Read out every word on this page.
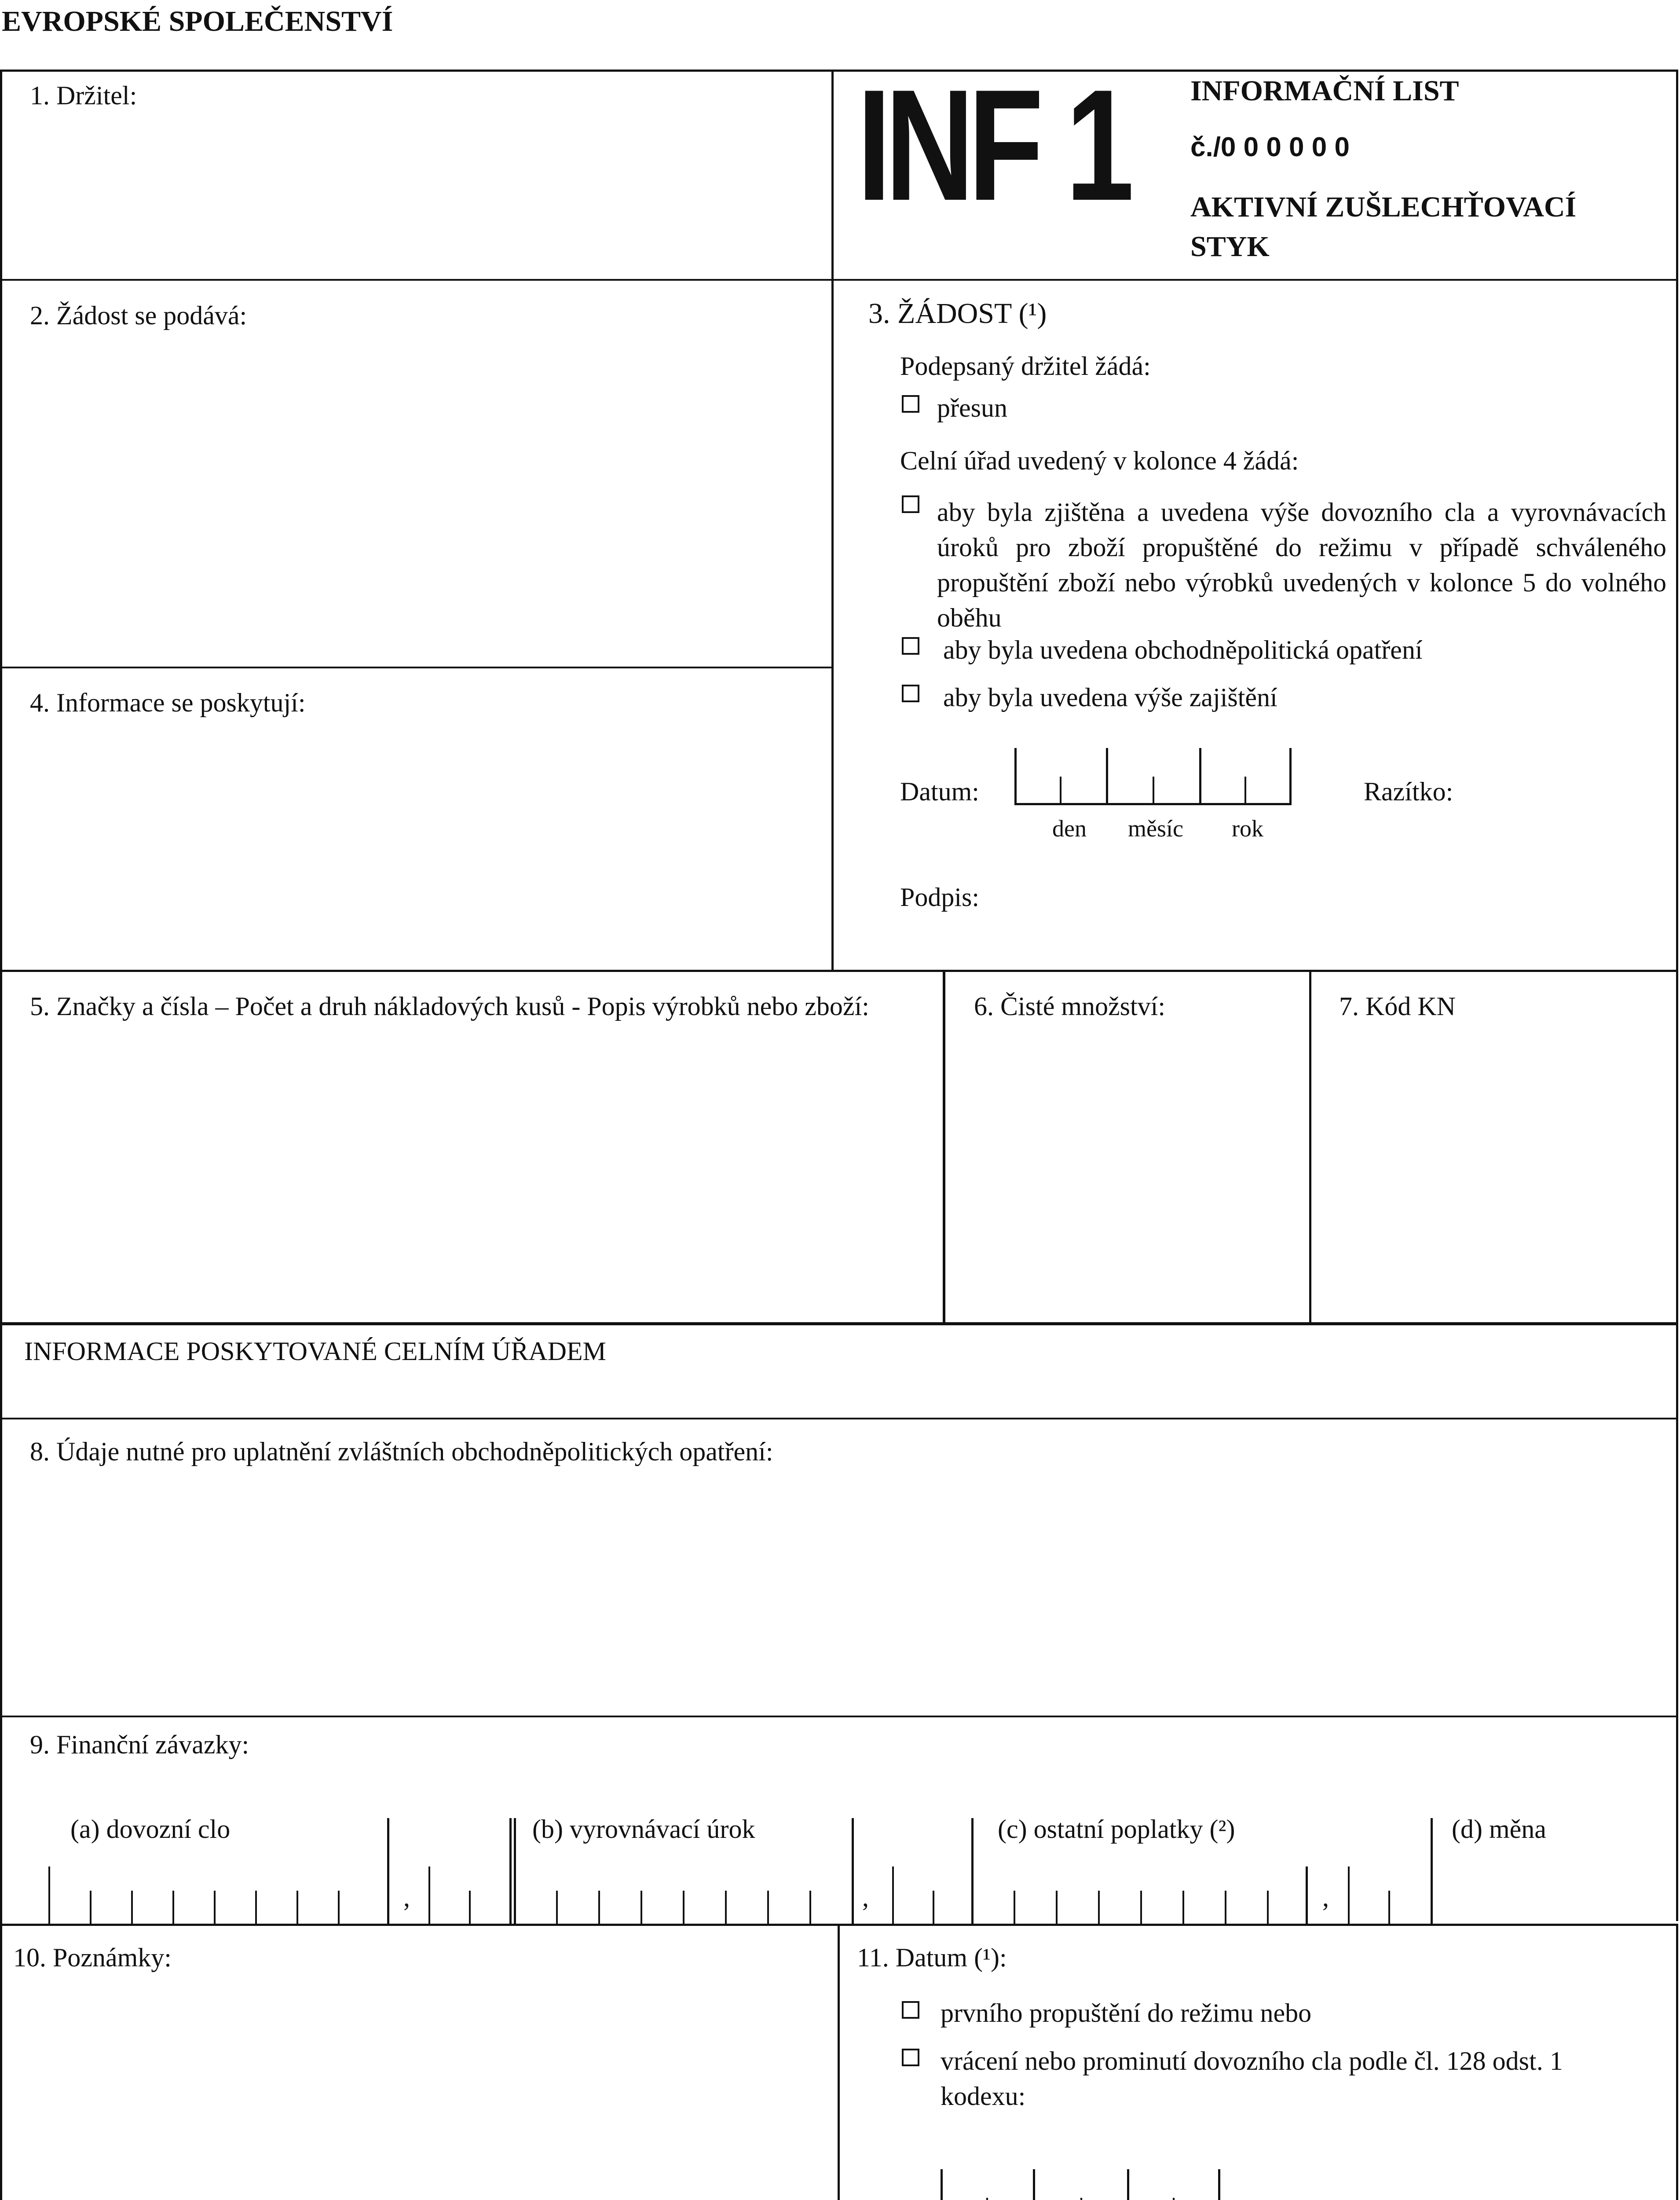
EVROPSKÉ SPOLEČENSTVÍ
1. Držitel:	INF 1 INFORMAČNÍ LIST
č./0 0 0 0 0 0
AKTIVNÍ ZUŠLECHŤOVACÍ
STYK
2. Žádost se podává:
4. Informace se poskytují:
3. ŽÁDOST (¹)
Podepsaný držitel žádá:
přesun
Celní úřad uvedený v kolonce 4 žádá:
aby byla zjištěna a uvedena výše dovozního cla a vyrovnávacích úroků pro zboží propuštěné do režimu v případě schváleného propuštění zboží nebo výrobků uvedených v kolonce 5 do volného oběhu
aby byla uvedena obchodněpolitická opatření
aby byla uvedena výše zajištění
Datum:
den měsíc rok
Razítko:
Podpis:
5. Značky a čísla – Počet a druh nákladových kusů - Popis výrobků nebo zboží:	6. Čisté množství:	7. Kód KN
INFORMACE POSKYTOVANÉ CELNÍM ÚŘADEM
8. Údaje nutné pro uplatnění zvláštních obchodněpolitických opatření:
9. Finanční závazky:
(a) dovozní clo	(b) vyrovnávací úrok	(c) ostatní poplatky (²)	(d) měna
,	,	,
10. Poznámky:	11. Datum (¹):
prvního propuštění do režimu nebo
vrácení nebo prominutí dovozního cla podle čl. 128 odst. 1 kodexu:
